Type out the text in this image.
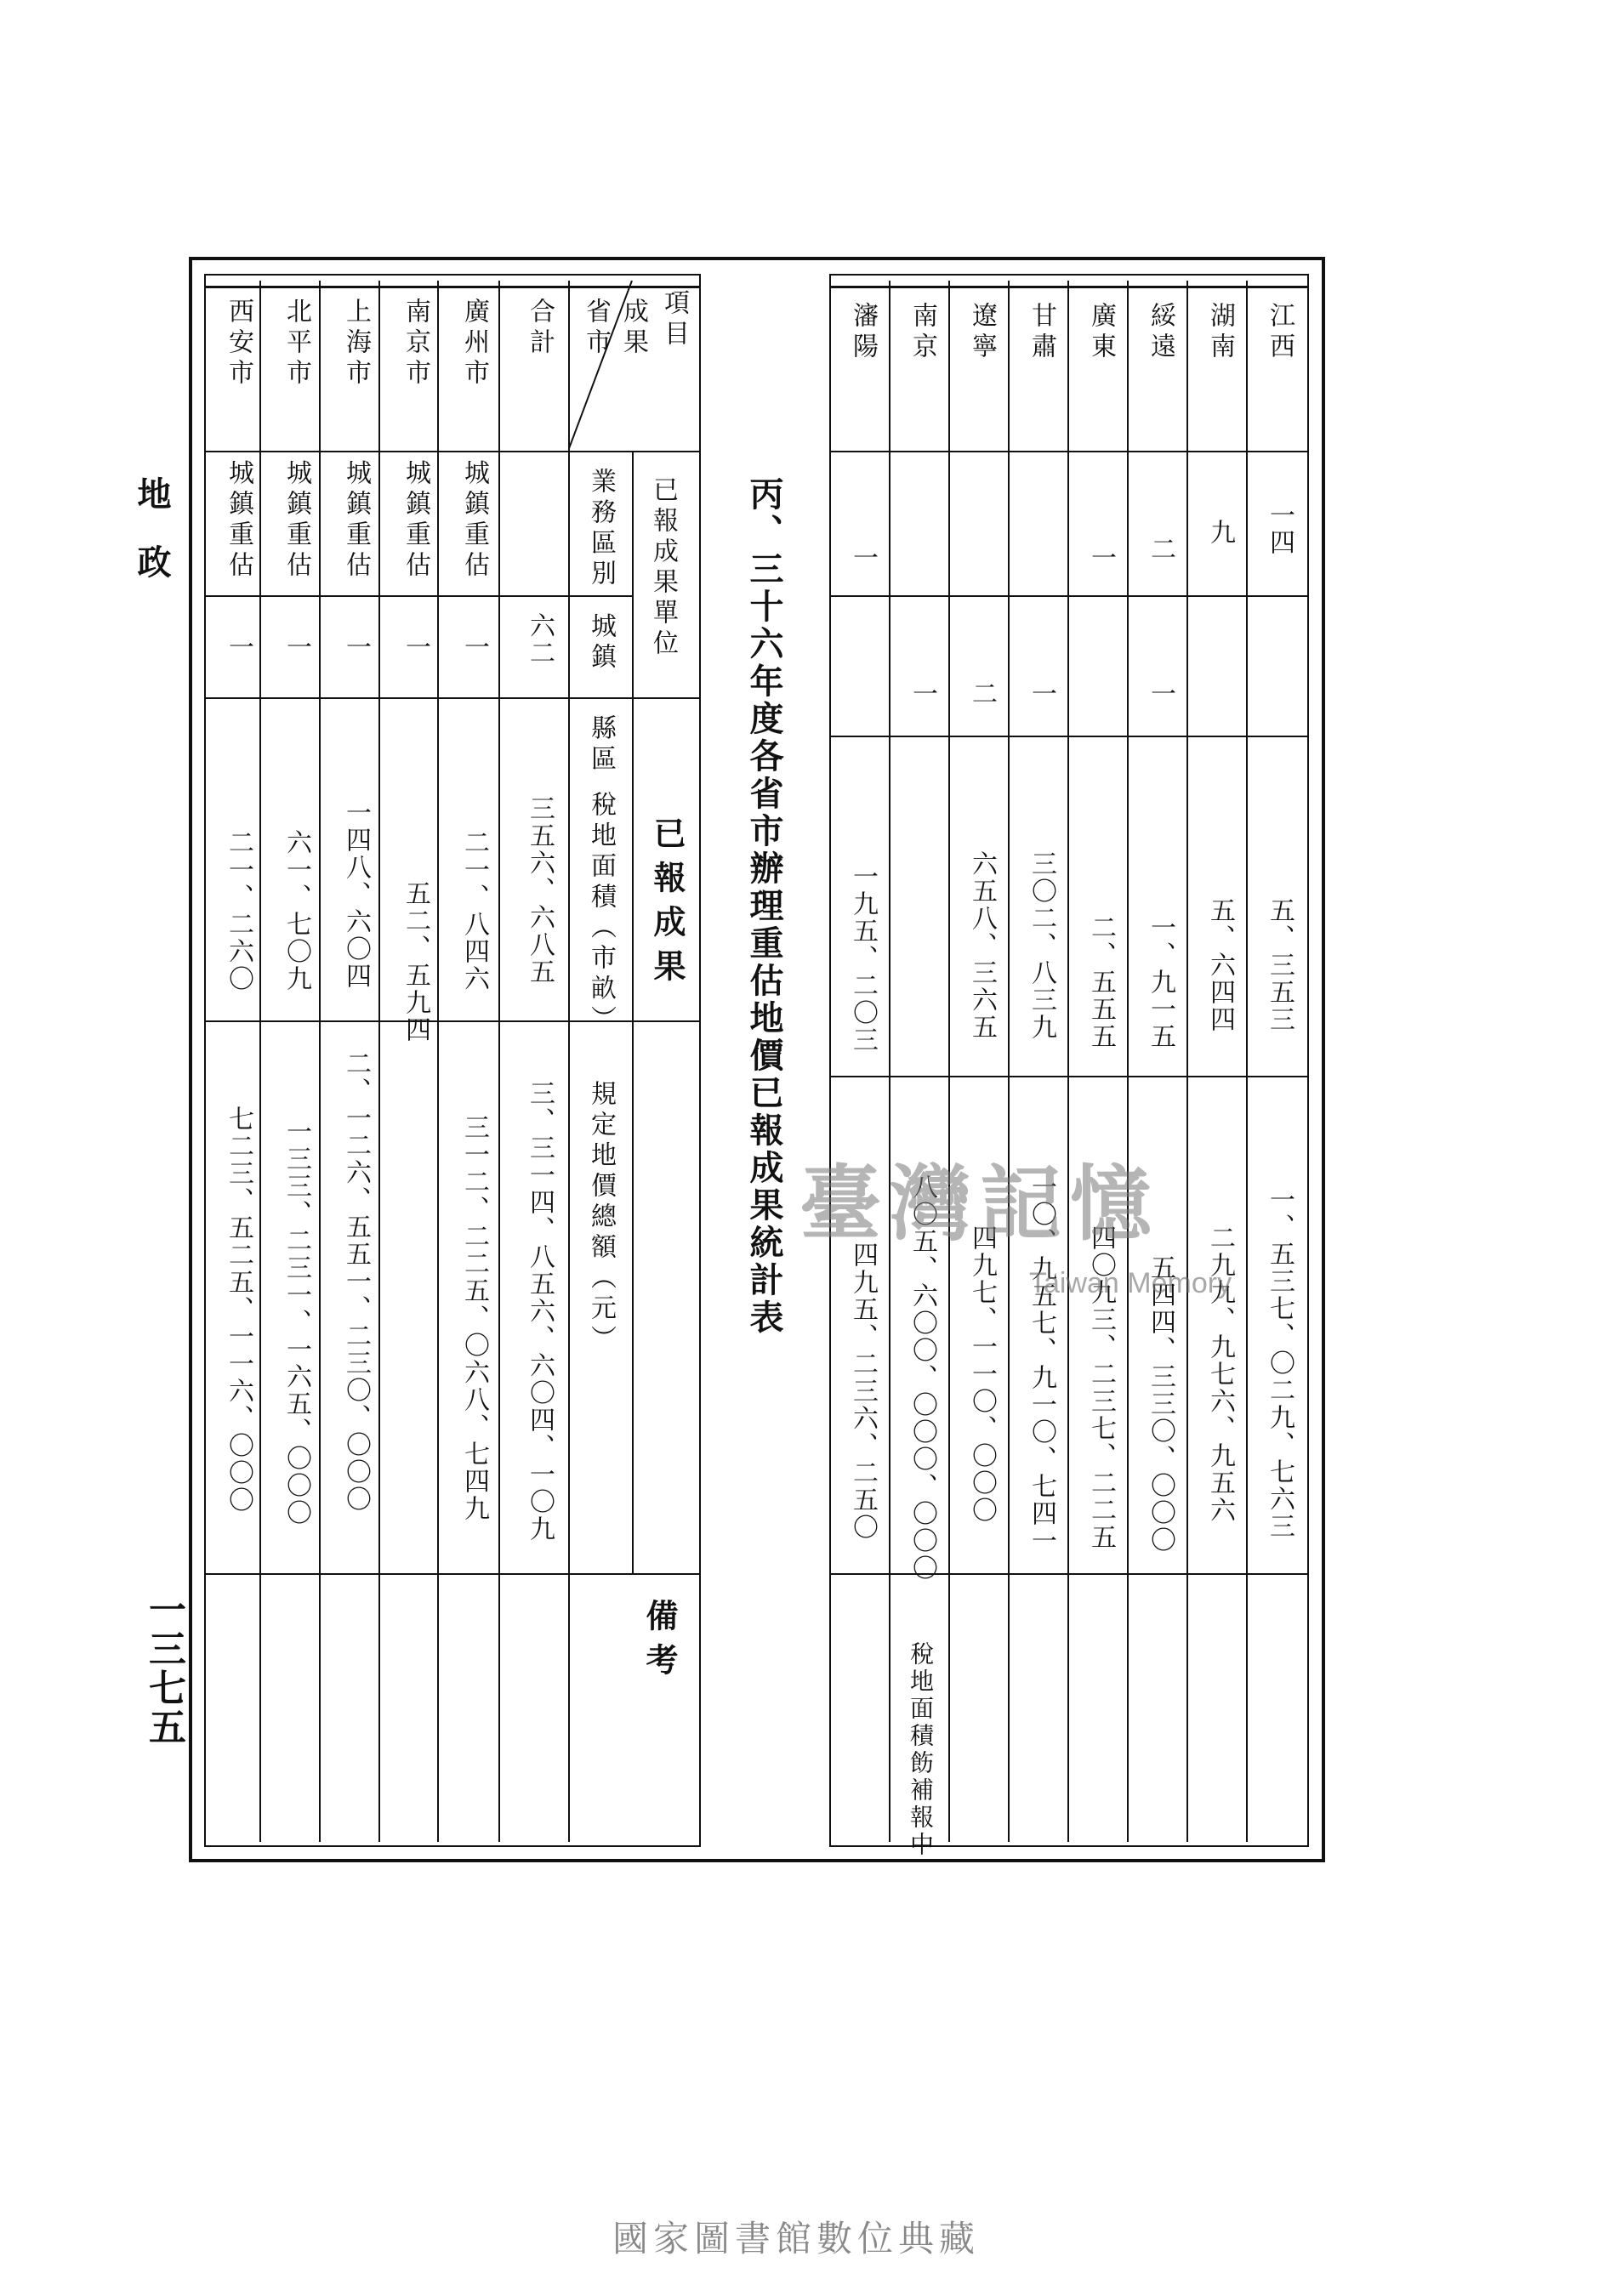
地政
一三七五
項目
成果
省市
已報成果單位
業務區別
城鎮
縣區
已報成果
稅地面積（市畝）
規定地價總額（元）
備考
合計
六二
三五六、六八五
三、三一四、八五六、六〇四、一〇九
廣州市
城鎮重估
一
二一、八四六
三一二、二二五、〇六八、七四九
南京市
城鎮重估
一
五二、五九四
上海市
城鎮重估
一
一四八、六〇四
二、一二六、五五一、二三〇、〇〇〇
北平市
城鎮重估
一
六一、七〇九
一三三、二三一、一六五、〇〇〇
西安市
城鎮重估
一
二一、二六〇
七二三、五二五、一一六、〇〇〇	丙、三十六年度各省市辦理重估地價已報成果統計表
江西
一四
五、三五三
一、五三七、〇二九、七六三
湖南
九
五、六四四
二九九、九七六、九五六
綏遠
二
一
一、九一五
五四四、三三〇、〇〇〇
廣東
一
二、五五五
四〇九三、二三七、二二五
甘肅
一
三〇二、八三九
一〇、九五七、九一〇、七四一
遼寧
二
六五八、三六五
四九七、一一〇、〇〇〇
南京
一
八〇五、六〇〇、〇〇〇、〇〇〇
稅地面積飭補報中
瀋陽
一
一九五、二〇三
四九五、二三六、二五〇
臺灣記憶
Taiwan Memory
國家圖書館數位典藏
